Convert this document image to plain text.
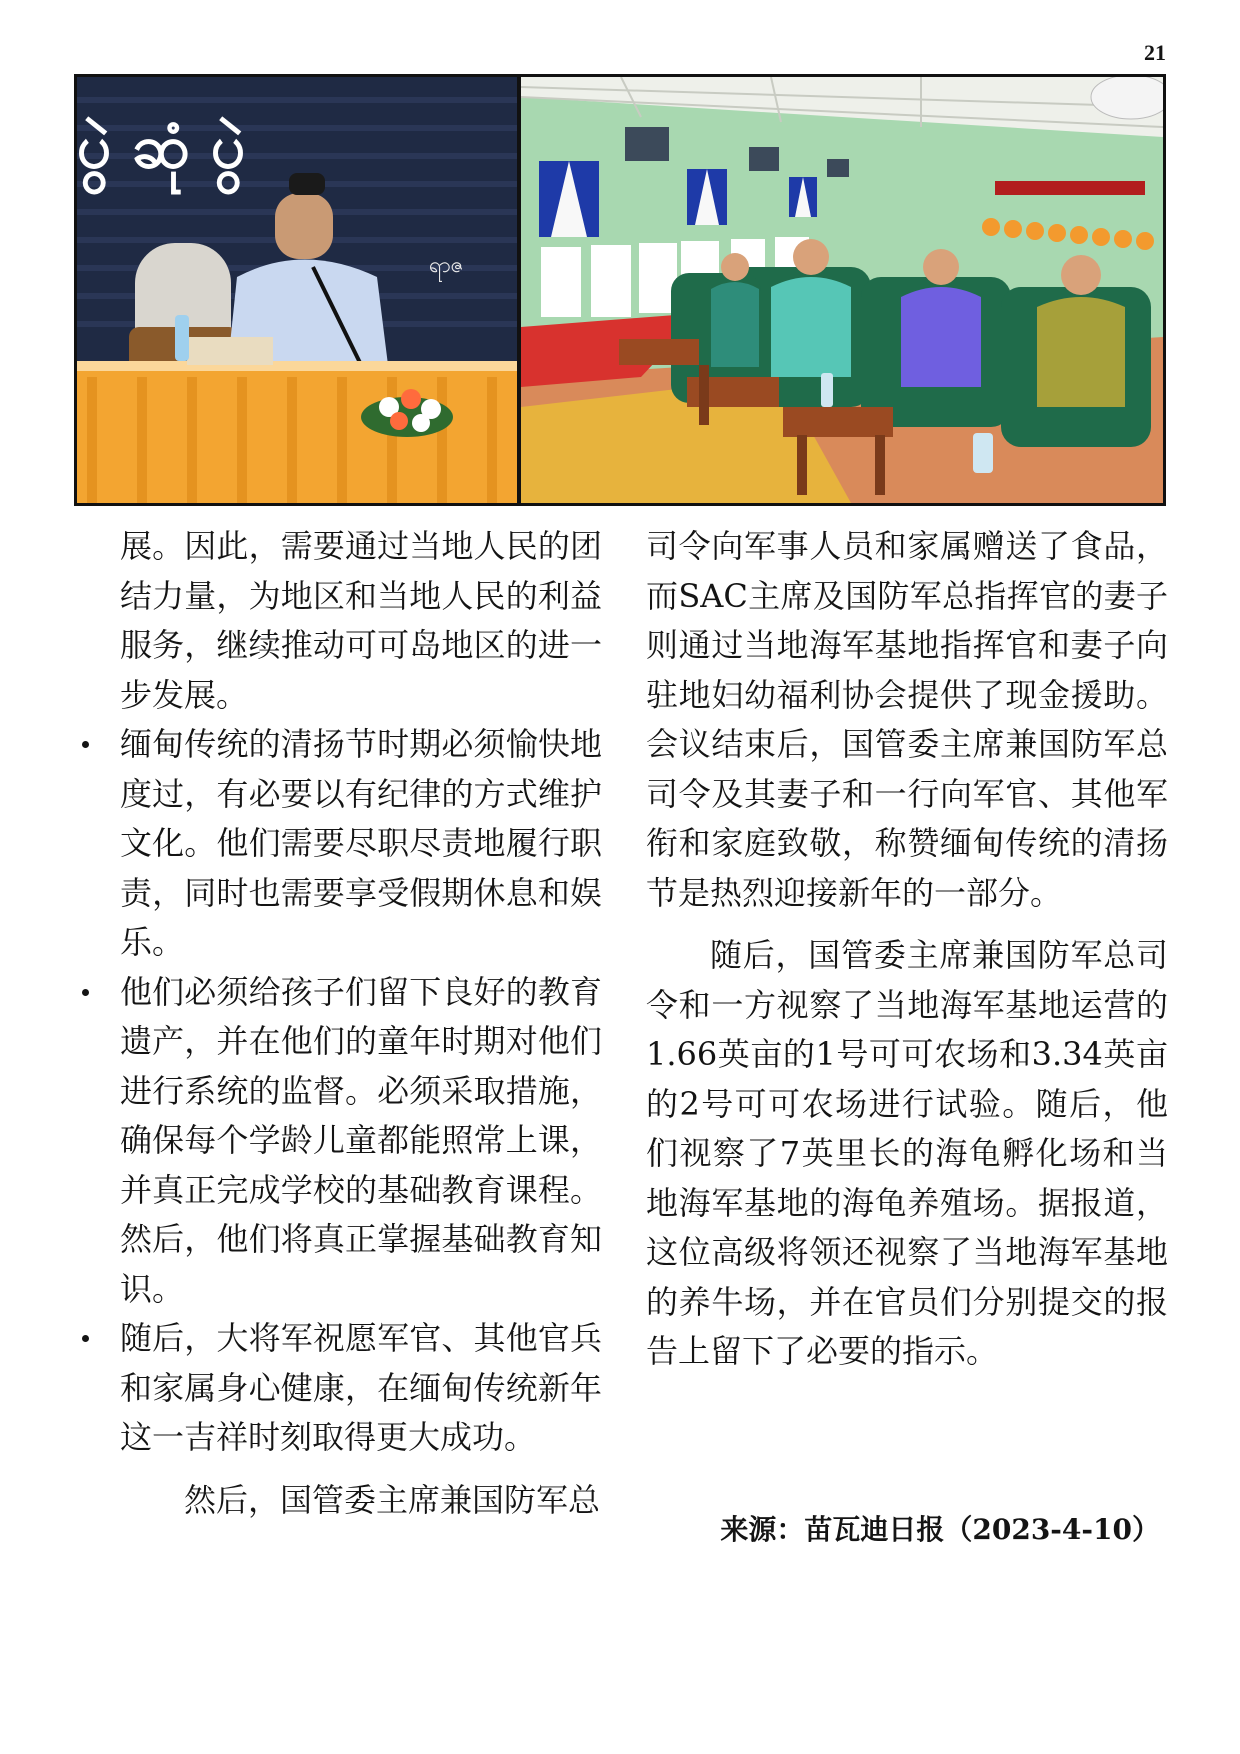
21
ပွဲ ဆုံ ပွဲ
ရာဇ

展。因此，需要通过当地人民的团结力量，为地区和当地人民的利益服务，继续推动可可岛地区的进一步发展。

缅甸传统的清扬节时期必须愉快地度过，有必要以有纪律的方式维护文化。他们需要尽职尽责地履行职责，同时也需要享受假期休息和娱乐。
他们必须给孩子们留下良好的教育遗产，并在他们的童年时期对他们进行系统的监督。必须采取措施，确保每个学龄儿童都能照常上课，并真正完成学校的基础教育课程。然后，他们将真正掌握基础教育知识。
随后，大将军祝愿军官、其他官兵和家属身心健康，在缅甸传统新年这一吉祥时刻取得更大成功。

然后，国管委主席兼国防军总

司令向军事人员和家属赠送了食品，而SAC主席及国防军总指挥官的妻子则通过当地海军基地指挥官和妻子向驻地妇幼福利协会提供了现金援助。会议结束后，国管委主席兼国防军总司令及其妻子和一行向军官、其他军衔和家庭致敬，称赞缅甸传统的清扬节是热烈迎接新年的一部分。

随后，国管委主席兼国防军总司令和一方视察了当地海军基地运营的1.66英亩的1号可可农场和3.34英亩的2号可可农场进行试验。随后，他们视察了7英里长的海龟孵化场和当地海军基地的海龟养殖场。据报道，这位高级将领还视察了当地海军基地的养牛场，并在官员们分别提交的报告上留下了必要的指示。

来源：苗瓦迪日报（2023-4-10）
